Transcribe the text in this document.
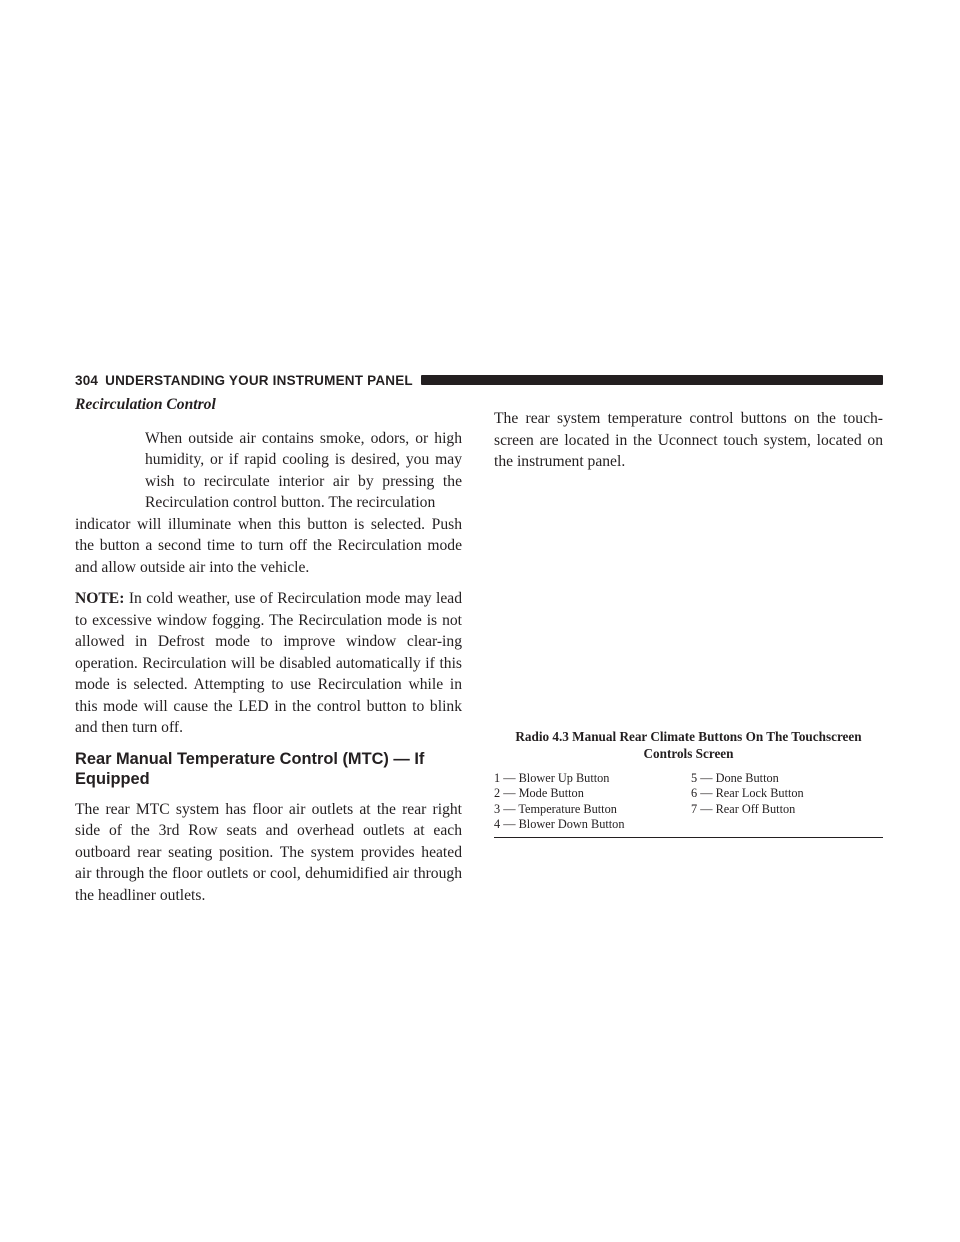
304 UNDERSTANDING YOUR INSTRUMENT PANEL
Recirculation Control

When outside air contains smoke, odors, or high humidity, or if rapid cooling is desired, you may wish to recirculate interior air by pressing the Recirculation control button. The recirculation

indicator will illuminate when this button is selected. Push the button a second time to turn off the Recirculation mode and allow outside air into the vehicle.

NOTE: In cold weather, use of Recirculation mode may lead to excessive window fogging. The Recirculation mode is not allowed in Defrost mode to improve window clear-ing operation. Recirculation will be disabled automatically if this mode is selected. Attempting to use Recirculation while in this mode will cause the LED in the control button to blink and then turn off.

Rear Manual Temperature Control (MTC) — If Equipped

The rear MTC system has floor air outlets at the rear right side of the 3rd Row seats and overhead outlets at each outboard rear seating position. The system provides heated air through the floor outlets or cool, dehumidified air through the headliner outlets.

The rear system temperature control buttons on the touch-screen are located in the Uconnect touch system, located on the instrument panel.

Radio 4.3 Manual Rear Climate Buttons On The Touchscreen Controls Screen
1 — Blower Up Button
2 — Mode Button
3 — Temperature Button
4 — Blower Down Button
5 — Done Button
6 — Rear Lock Button
7 — Rear Off Button
